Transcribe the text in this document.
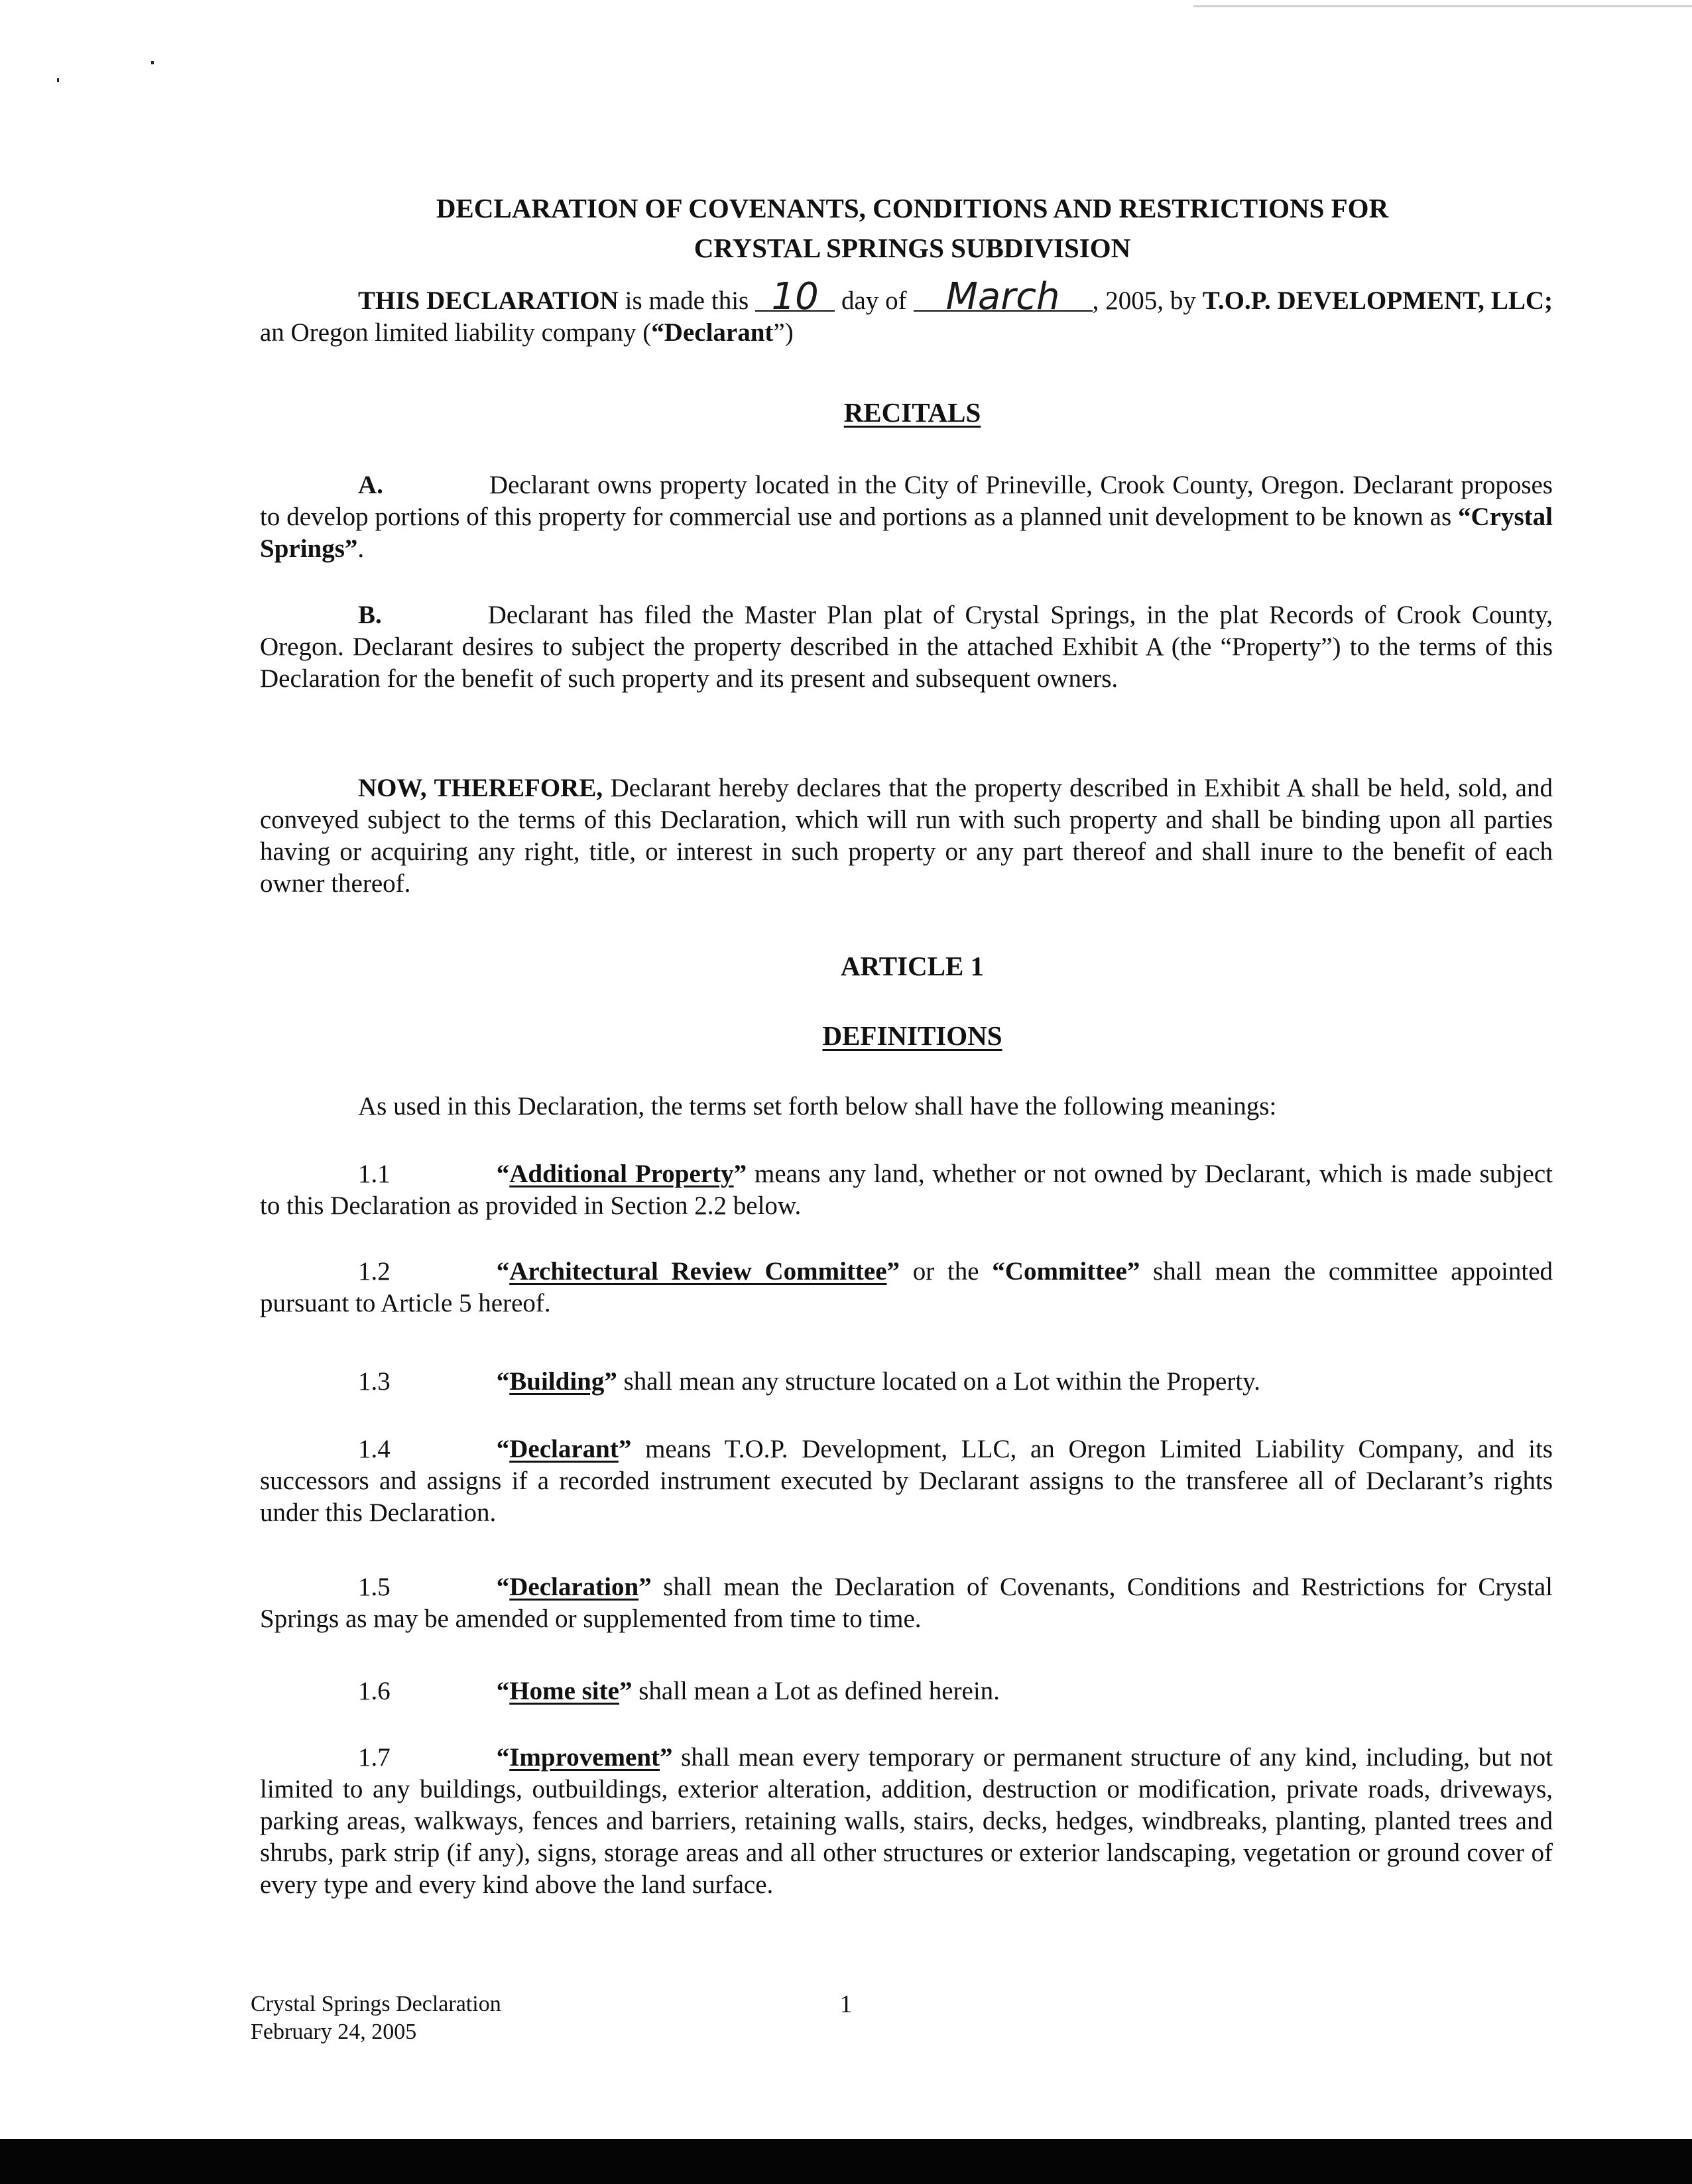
DECLARATION OF COVENANTS, CONDITIONS AND RESTRICTIONS FOR
CRYSTAL SPRINGS SUBDIVISION

THIS DECLARATION is made this 10 day of March , 2005, by T.O.P. DEVELOPMENT, LLC; an Oregon limited liability company (“Declarant”)

RECITALS

A.	Declarant owns property located in the City of Prineville, Crook County, Oregon. Declarant proposes to develop portions of this property for commercial use and portions as a planned unit development to be known as “Crystal Springs”.

B.	Declarant has filed the Master Plan plat of Crystal Springs, in the plat Records of Crook County, Oregon. Declarant desires to subject the property described in the attached Exhibit A (the “Property”) to the terms of this Declaration for the benefit of such property and its present and subsequent owners.

NOW, THEREFORE, Declarant hereby declares that the property described in Exhibit A shall be held, sold, and conveyed subject to the terms of this Declaration, which will run with such property and shall be binding upon all parties having or acquiring any right, title, or interest in such property or any part thereof and shall inure to the benefit of each owner thereof.

ARTICLE 1
DEFINITIONS

As used in this Declaration, the terms set forth below shall have the following meanings:

1.1	“Additional Property” means any land, whether or not owned by Declarant, which is made subject to this Declaration as provided in Section 2.2 below.

1.2	“Architectural Review Committee” or the “Committee” shall mean the committee appointed pursuant to Article 5 hereof.

1.3	“Building” shall mean any structure located on a Lot within the Property.

1.4	“Declarant” means T.O.P. Development, LLC, an Oregon Limited Liability Company, and its successors and assigns if a recorded instrument executed by Declarant assigns to the transferee all of Declarant’s rights under this Declaration.

1.5	“Declaration” shall mean the Declaration of Covenants, Conditions and Restrictions for Crystal Springs as may be amended or supplemented from time to time.

1.6	“Home site” shall mean a Lot as defined herein.

1.7	“Improvement” shall mean every temporary or permanent structure of any kind, including, but not limited to any buildings, outbuildings, exterior alteration, addition, destruction or modification, private roads, driveways, parking areas, walkways, fences and barriers, retaining walls, stairs, decks, hedges, windbreaks, planting, planted trees and shrubs, park strip (if any), signs, storage areas and all other structures or exterior landscaping, vegetation or ground cover of every type and every kind above the land surface.

Crystal Springs Declaration
February 24, 2005
1
